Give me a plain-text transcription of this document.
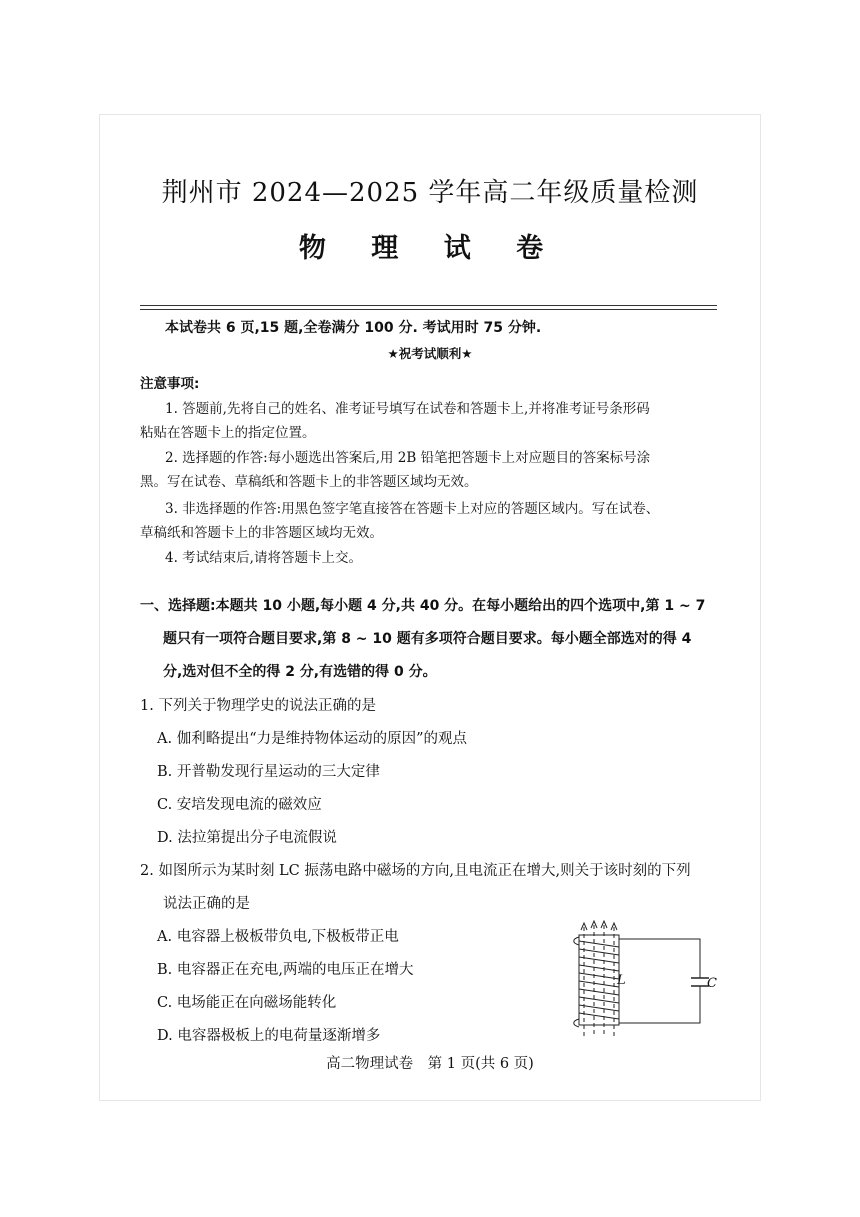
荆州市 2024—2025 学年高二年级质量检测
物 理 试 卷
本试卷共 6 页,15 题,全卷满分 100 分. 考试用时 75 分钟.
★祝考试顺利★
注意事项:
1. 答题前,先将自己的姓名、准考证号填写在试卷和答题卡上,并将准考证号条形码
粘贴在答题卡上的指定位置。
2. 选择题的作答:每小题选出答案后,用 2B 铅笔把答题卡上对应题目的答案标号涂
黑。写在试卷、草稿纸和答题卡上的非答题区域均无效。
3. 非选择题的作答:用黑色签字笔直接答在答题卡上对应的答题区域内。写在试卷、
草稿纸和答题卡上的非答题区域均无效。
4. 考试结束后,请将答题卡上交。
一、选择题:本题共 10 小题,每小题 4 分,共 40 分。在每小题给出的四个选项中,第 1 ~ 7
题只有一项符合题目要求,第 8 ~ 10 题有多项符合题目要求。每小题全部选对的得 4
分,选对但不全的得 2 分,有选错的得 0 分。
1. 下列关于物理学史的说法正确的是
A. 伽利略提出“力是维持物体运动的原因”的观点
B. 开普勒发现行星运动的三大定律
C. 安培发现电流的磁效应
D. 法拉第提出分子电流假说
2. 如图所示为某时刻 LC 振荡电路中磁场的方向,且电流正在增大,则关于该时刻的下列
说法正确的是
A. 电容器上极板带负电,下极板带正电
B. 电容器正在充电,两端的电压正在增大
C. 电场能正在向磁场能转化
D. 电容器极板上的电荷量逐渐增多
L	C
高二物理试卷　第 1 页(共 6 页)
